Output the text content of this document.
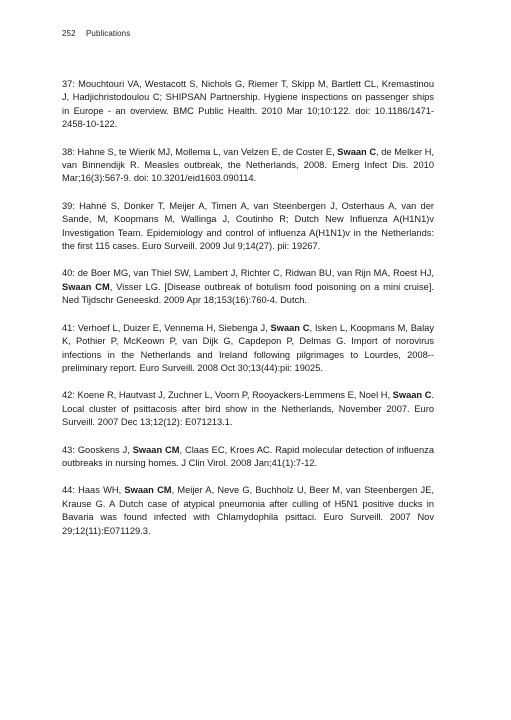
252 Publications

37: Mouchtouri VA, Westacott S, Nichols G, Riemer T, Skipp M, Bartlett CL, Kremastinou J, Hadjichristodoulou C; SHIPSAN Partnership. Hygiene inspections on passenger ships in Europe - an overview. BMC Public Health. 2010 Mar 10;10:122. doi: 10.1186/1471-2458-10-122.

38: Hahne S, te Wierik MJ, Mollema L, van Velzen E, de Coster E, Swaan C, de Melker H, van Binnendijk R. Measles outbreak, the Netherlands, 2008. Emerg Infect Dis. 2010 Mar;16(3):567-9. doi: 10.3201/eid1603.090114.

39: Hahné S, Donker T, Meijer A, Timen A, van Steenbergen J, Osterhaus A, van der Sande, M, Koopmans M, Wallinga J, Coutinho R; Dutch New Influenza A(H1N1)v Investigation Team. Epidemiology and control of influenza A(H1N1)v in the Netherlands: the first 115 cases. Euro Surveill. 2009 Jul 9;14(27). pii: 19267.

40: de Boer MG, van Thiel SW, Lambert J, Richter C, Ridwan BU, van Rijn MA, Roest HJ, Swaan CM, Visser LG. [Disease outbreak of botulism food poisoning on a mini cruise]. Ned Tijdschr Geneeskd. 2009 Apr 18;153(16):760-4. Dutch.

41: Verhoef L, Duizer E, Vennema H, Siebenga J, Swaan C, Isken L, Koopmans M, Balay K, Pothier P, McKeown P, van Dijk G, Capdepon P, Delmas G. Import of norovirus infections in the Netherlands and Ireland following pilgrimages to Lourdes, 2008--preliminary report. Euro Surveill. 2008 Oct 30;13(44):pii: 19025.

42: Koene R, Hautvast J, Zuchner L, Voorn P, Rooyackers-Lemmens E, Noel H, Swaan C. Local cluster of psittacosis after bird show in the Netherlands, November 2007. Euro Surveill. 2007 Dec 13;12(12): E071213.1.

43: Gooskens J, Swaan CM, Claas EC, Kroes AC. Rapid molecular detection of influenza outbreaks in nursing homes. J Clin Virol. 2008 Jan;41(1):7-12.

44: Haas WH, Swaan CM, Meijer A, Neve G, Buchholz U, Beer M, van Steenbergen JE, Krause G. A Dutch case of atypical pneumonia after culling of H5N1 positive ducks in Bavaria was found infected with Chlamydophila psittaci. Euro Surveill. 2007 Nov 29;12(11):E071129.3.
